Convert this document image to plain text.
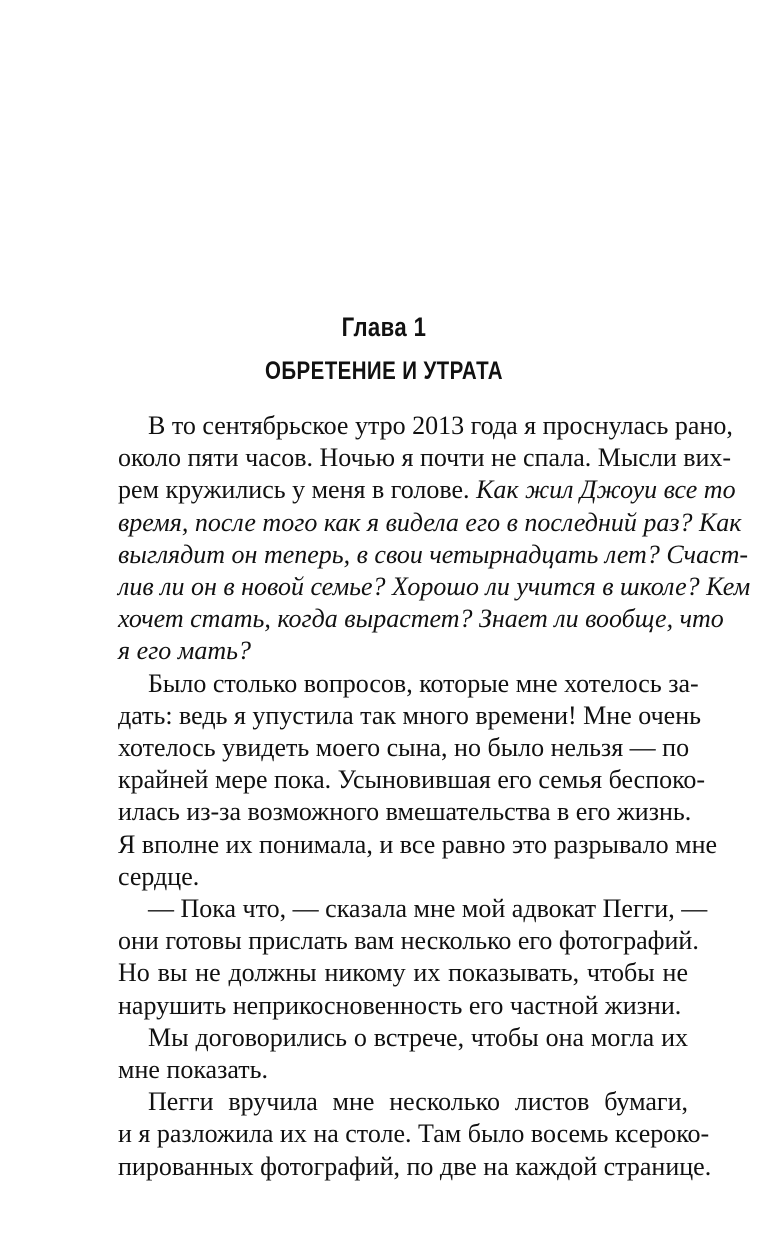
Глава 1
ОБРЕТЕНИЕ И УТРАТА
В то сентябрьское утро 2013 года я проснулась рано,
около пяти часов. Ночью я почти не спала. Мысли вих-
рем кружились у меня в голове. Как жил Джоуи все то
время, после того как я видела его в последний раз? Как
выглядит он теперь, в свои четырнадцать лет? Счаст-
лив ли он в новой семье? Хорошо ли учится в школе? Кем
хочет стать, когда вырастет? Знает ли вообще, что
я его мать?
Было столько вопросов, которые мне хотелось за-
дать: ведь я упустила так много времени! Мне очень
хотелось увидеть моего сына, но было нельзя — по
крайней мере пока. Усыновившая его семья беспоко-
илась из-за возможного вмешательства в его жизнь.
Я вполне их понимала, и все равно это разрывало мне
сердце.
— Пока что, — сказала мне мой адвокат Пегги, —
они готовы прислать вам несколько его фотографий.
Но вы не должны никому их показывать, чтобы не
нарушить неприкосновенность его частной жизни.
Мы договорились о встрече, чтобы она могла их
мне показать.
Пегги вручила мне несколько листов бумаги,
и я разложила их на столе. Там было восемь ксероко-
пированных фотографий, по две на каждой странице.
